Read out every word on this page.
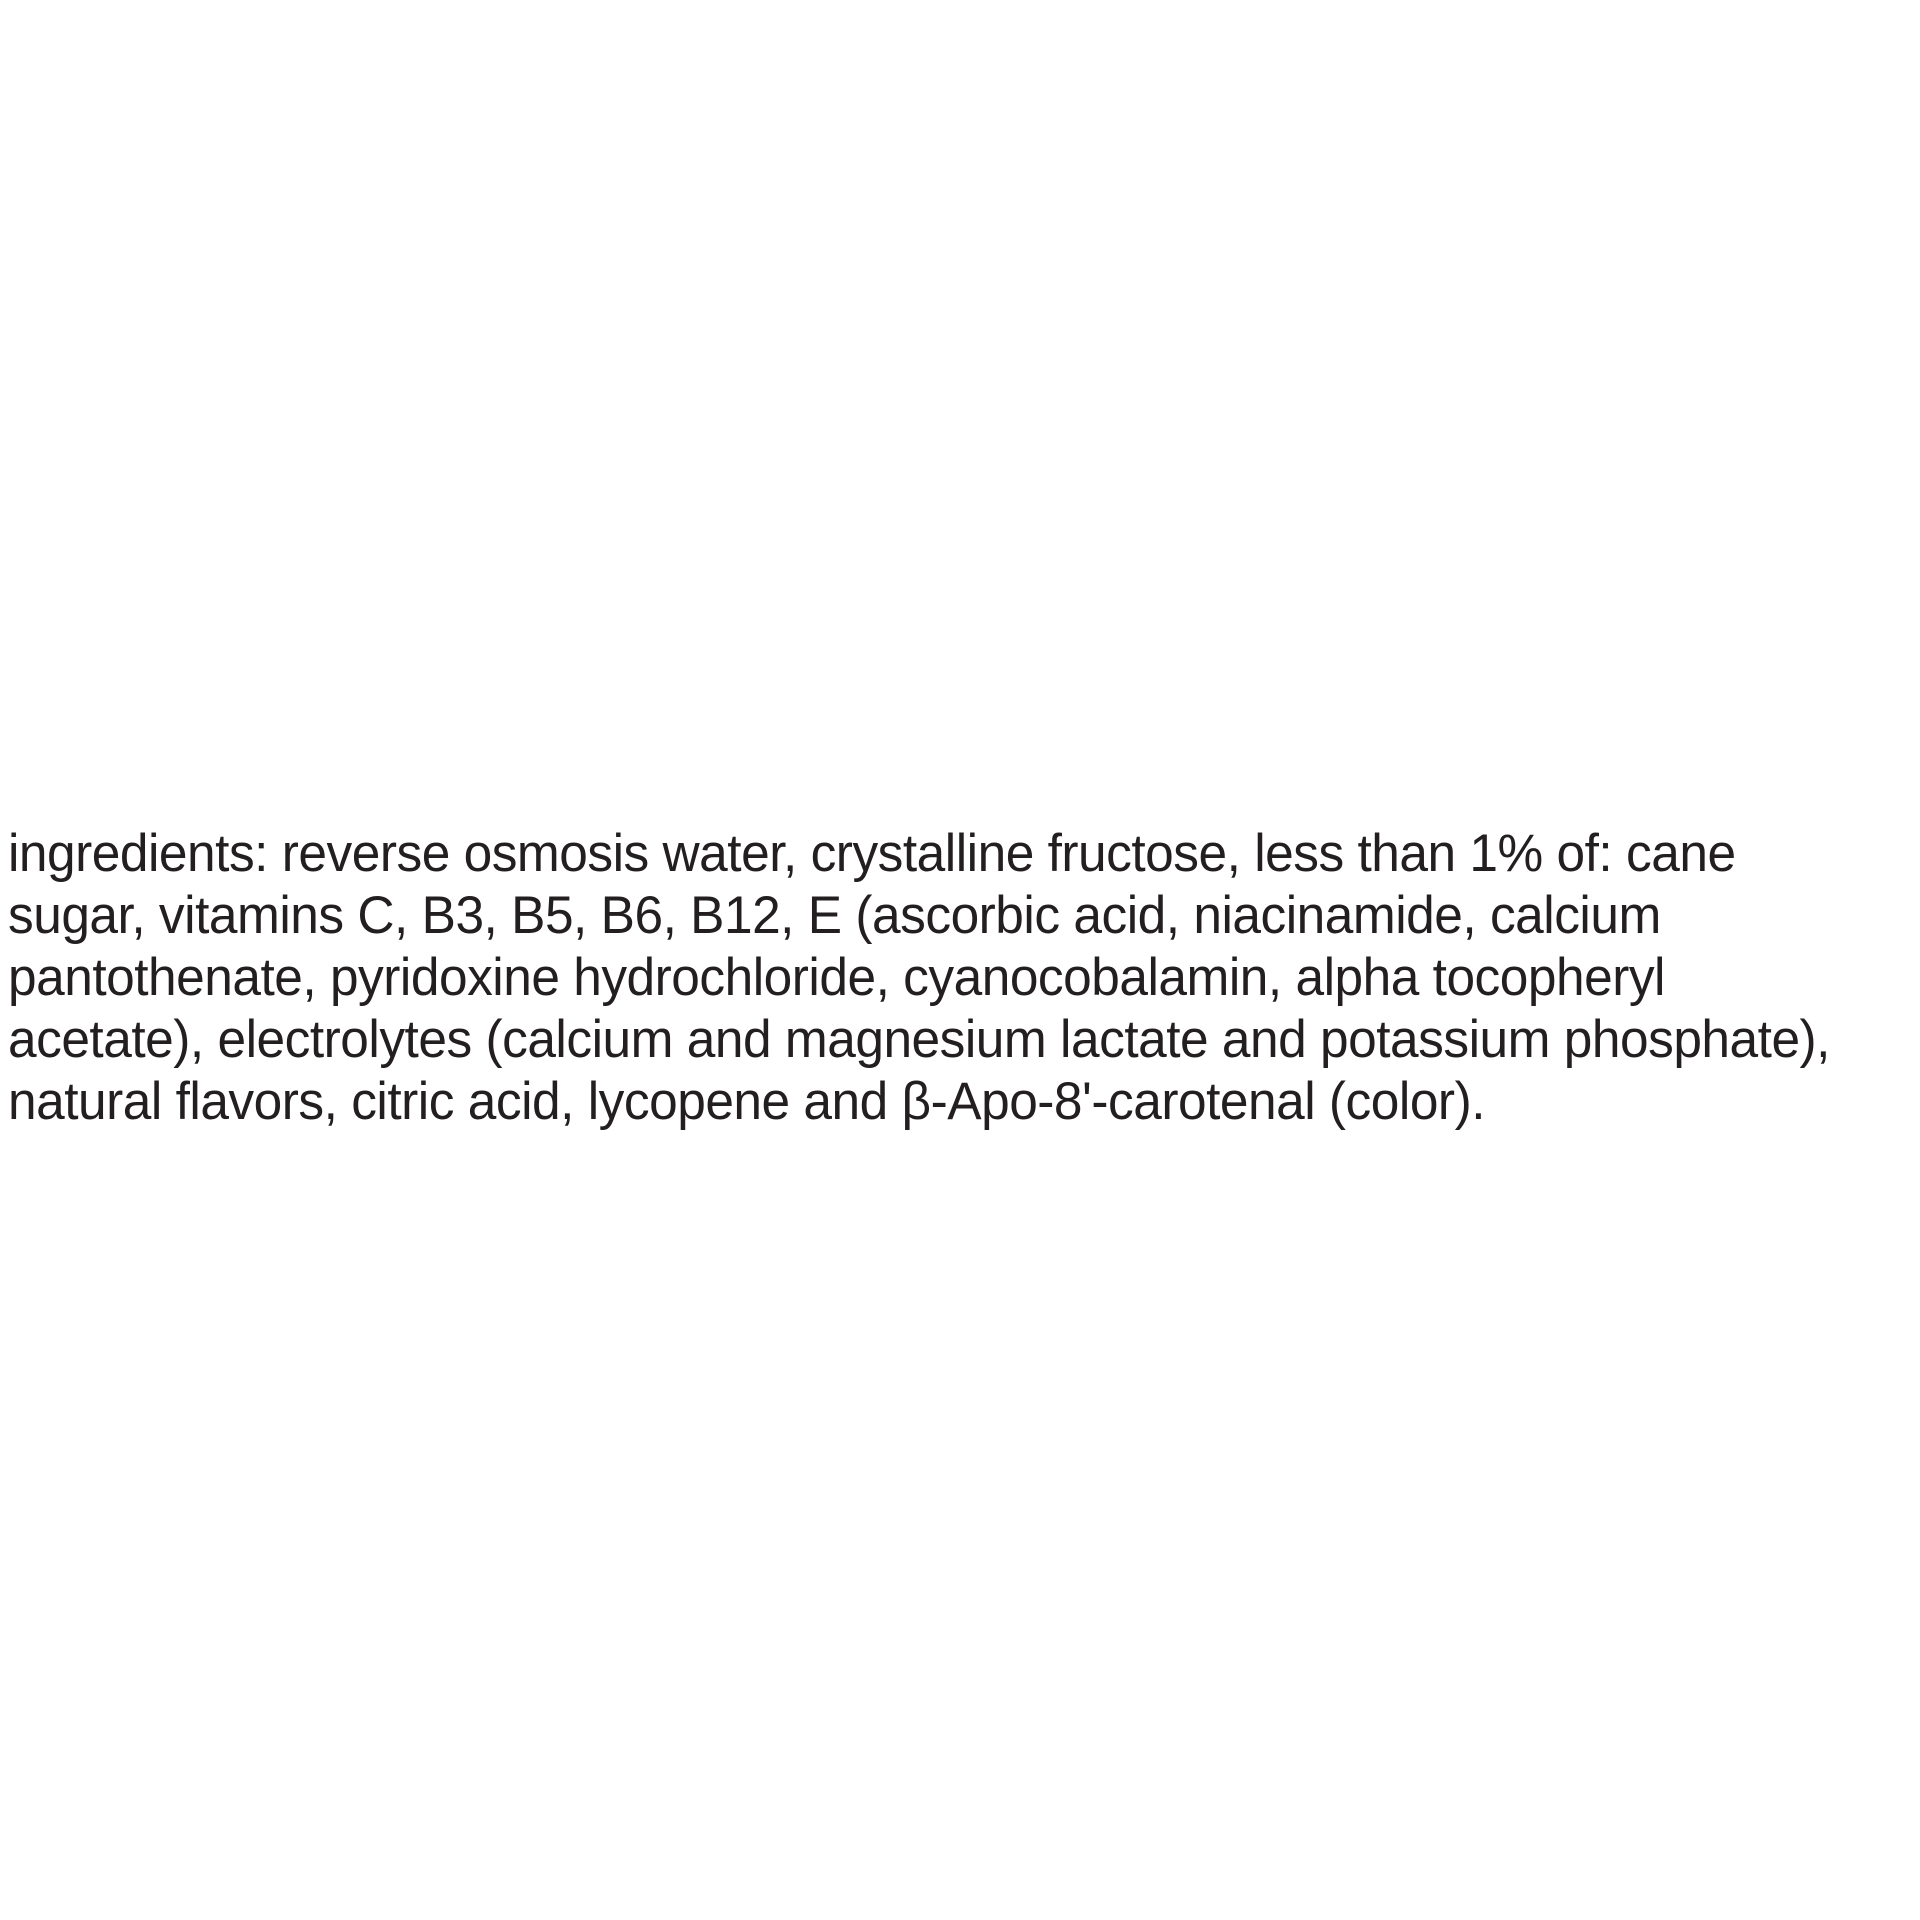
ingredients: reverse osmosis water, crystalline fructose, less than 1% of: cane sugar, vitamins C, B3, B5, B6, B12, E (ascorbic acid, niacinamide, calcium pantothenate, pyridoxine hydrochloride, cyanocobalamin, alpha tocopheryl acetate), electrolytes (calcium and magnesium lactate and potassium phosphate), natural flavors, citric acid, lycopene and β-Apo-8'-carotenal (color).
